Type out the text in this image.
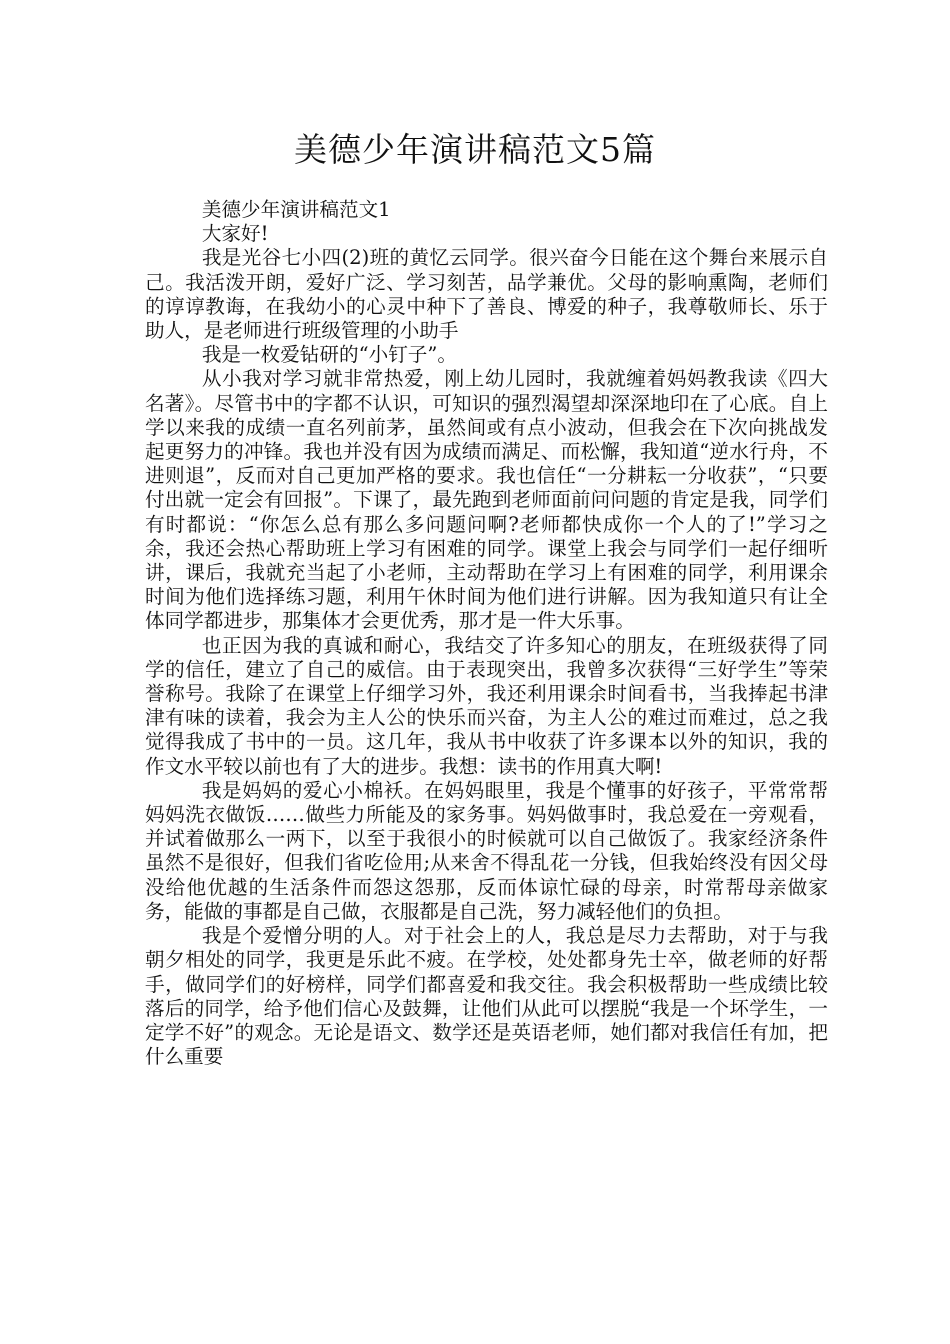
美德少年演讲稿范文5篇

美德少年演讲稿范文1

大家好!

我是光谷七小四(2)班的黄忆云同学。很兴奋今日能在这个舞台来展示自己。我活泼开朗，爱好广泛、学习刻苦，品学兼优。父母的影响熏陶，老师们的谆谆教诲，在我幼小的心灵中种下了善良、博爱的种子，我尊敬师长、乐于助人，是老师进行班级管理的小助手

我是一枚爱钻研的“小钉子”。

从小我对学习就非常热爱，刚上幼儿园时，我就缠着妈妈教我读《四大名著》。尽管书中的字都不认识，可知识的强烈渴望却深深地印在了心底。自上学以来我的成绩一直名列前茅，虽然间或有点小波动，但我会在下次向挑战发起更努力的冲锋。我也并没有因为成绩而满足、而松懈，我知道“逆水行舟，不进则退”，反而对自己更加严格的要求。我也信任“一分耕耘一分收获”，“只要付出就一定会有回报”。下课了，最先跑到老师面前问问题的肯定是我，同学们有时都说：“你怎么总有那么多问题问啊?老师都快成你一个人的了!”学习之余，我还会热心帮助班上学习有困难的同学。课堂上我会与同学们一起仔细听讲，课后，我就充当起了小老师，主动帮助在学习上有困难的同学，利用课余时间为他们选择练习题，利用午休时间为他们进行讲解。因为我知道只有让全体同学都进步，那集体才会更优秀，那才是一件大乐事。

也正因为我的真诚和耐心，我结交了许多知心的朋友，在班级获得了同学的信任，建立了自己的威信。由于表现突出，我曾多次获得“三好学生”等荣誉称号。我除了在课堂上仔细学习外，我还利用课余时间看书，当我捧起书津津有味的读着，我会为主人公的快乐而兴奋，为主人公的难过而难过，总之我觉得我成了书中的一员。这几年，我从书中收获了许多课本以外的知识，我的作文水平较以前也有了大的进步。我想：读书的作用真大啊!

我是妈妈的爱心小棉袄。在妈妈眼里，我是个懂事的好孩子，平常常帮妈妈洗衣做饭……做些力所能及的家务事。妈妈做事时，我总爱在一旁观看，并试着做那么一两下，以至于我很小的时候就可以自己做饭了。我家经济条件虽然不是很好，但我们省吃俭用;从来舍不得乱花一分钱，但我始终没有因父母没给他优越的生活条件而怨这怨那，反而体谅忙碌的母亲，时常帮母亲做家务，能做的事都是自己做，衣服都是自己洗，努力减轻他们的负担。

我是个爱憎分明的人。对于社会上的人，我总是尽力去帮助，对于与我朝夕相处的同学，我更是乐此不疲。在学校，处处都身先士卒，做老师的好帮手，做同学们的好榜样，同学们都喜爱和我交往。我会积极帮助一些成绩比较落后的同学，给予他们信心及鼓舞，让他们从此可以摆脱“我是一个坏学生，一定学不好”的观念。无论是语文、数学还是英语老师，她们都对我信任有加，把什么重要
